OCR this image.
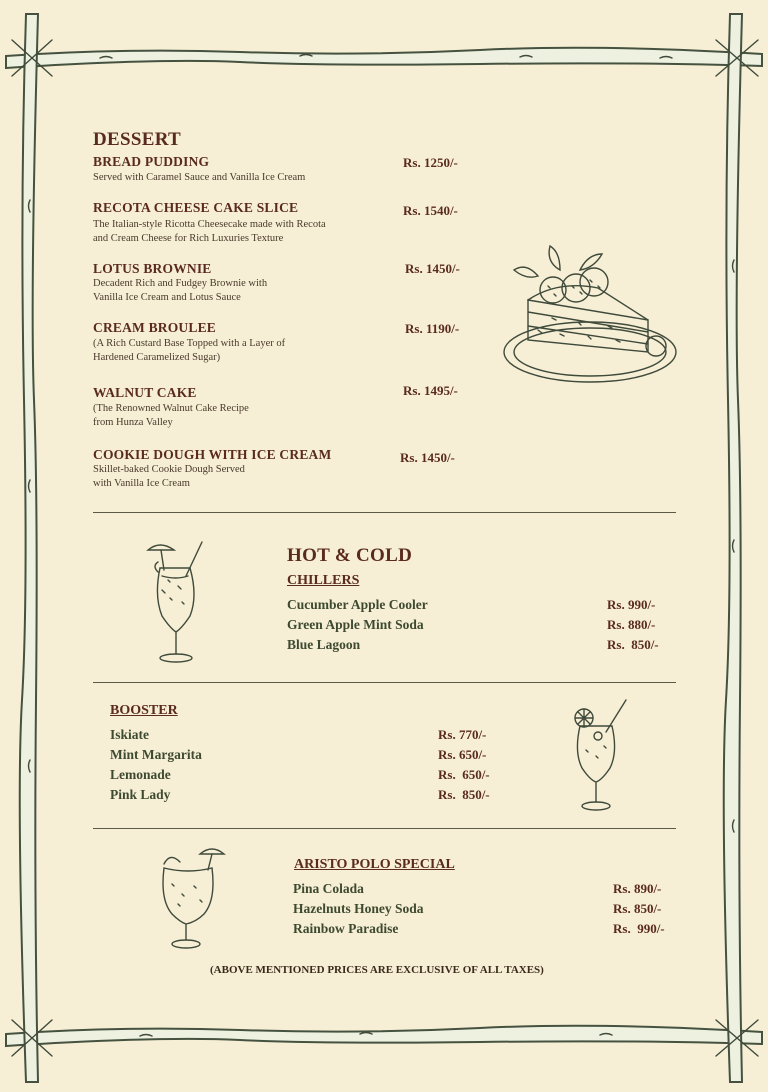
DESSERT
BREAD PUDDING
Served with Caramel Sauce and Vanilla Ice Cream
Rs. 1250/-
RECOTA CHEESE CAKE SLICE
The Italian-style Ricotta Cheesecake made with Recota
and Cream Cheese for Rich Luxuries Texture
Rs. 1540/-
LOTUS BROWNIE
Decadent Rich and Fudgey Brownie with
Vanilla Ice Cream and Lotus Sauce
Rs. 1450/-
CREAM BROULEE
(A Rich Custard Base Topped with a Layer of
Hardened Caramelized Sugar)
Rs. 1190/-
WALNUT CAKE
(The Renowned Walnut Cake Recipe
from Hunza Valley
Rs. 1495/-
COOKIE DOUGH WITH ICE CREAM
Skillet-baked Cookie Dough Served
with Vanilla Ice Cream
Rs. 1450/-
HOT & COLD
CHILLERS
Cucumber Apple Cooler	Rs. 990/-
Green Apple Mint Soda	Rs. 880/-
Blue Lagoon	Rs.  850/-
BOOSTER
Iskiate	Rs. 770/-
Mint Margarita	Rs. 650/-
Lemonade	Rs.  650/-
Pink Lady	Rs.  850/-
ARISTO POLO SPECIAL
Pina Colada	Rs. 890/-
Hazelnuts Honey Soda	Rs. 850/-
Rainbow Paradise	Rs.  990/-
(ABOVE MENTIONED PRICES ARE EXCLUSIVE OF ALL TAXES)
